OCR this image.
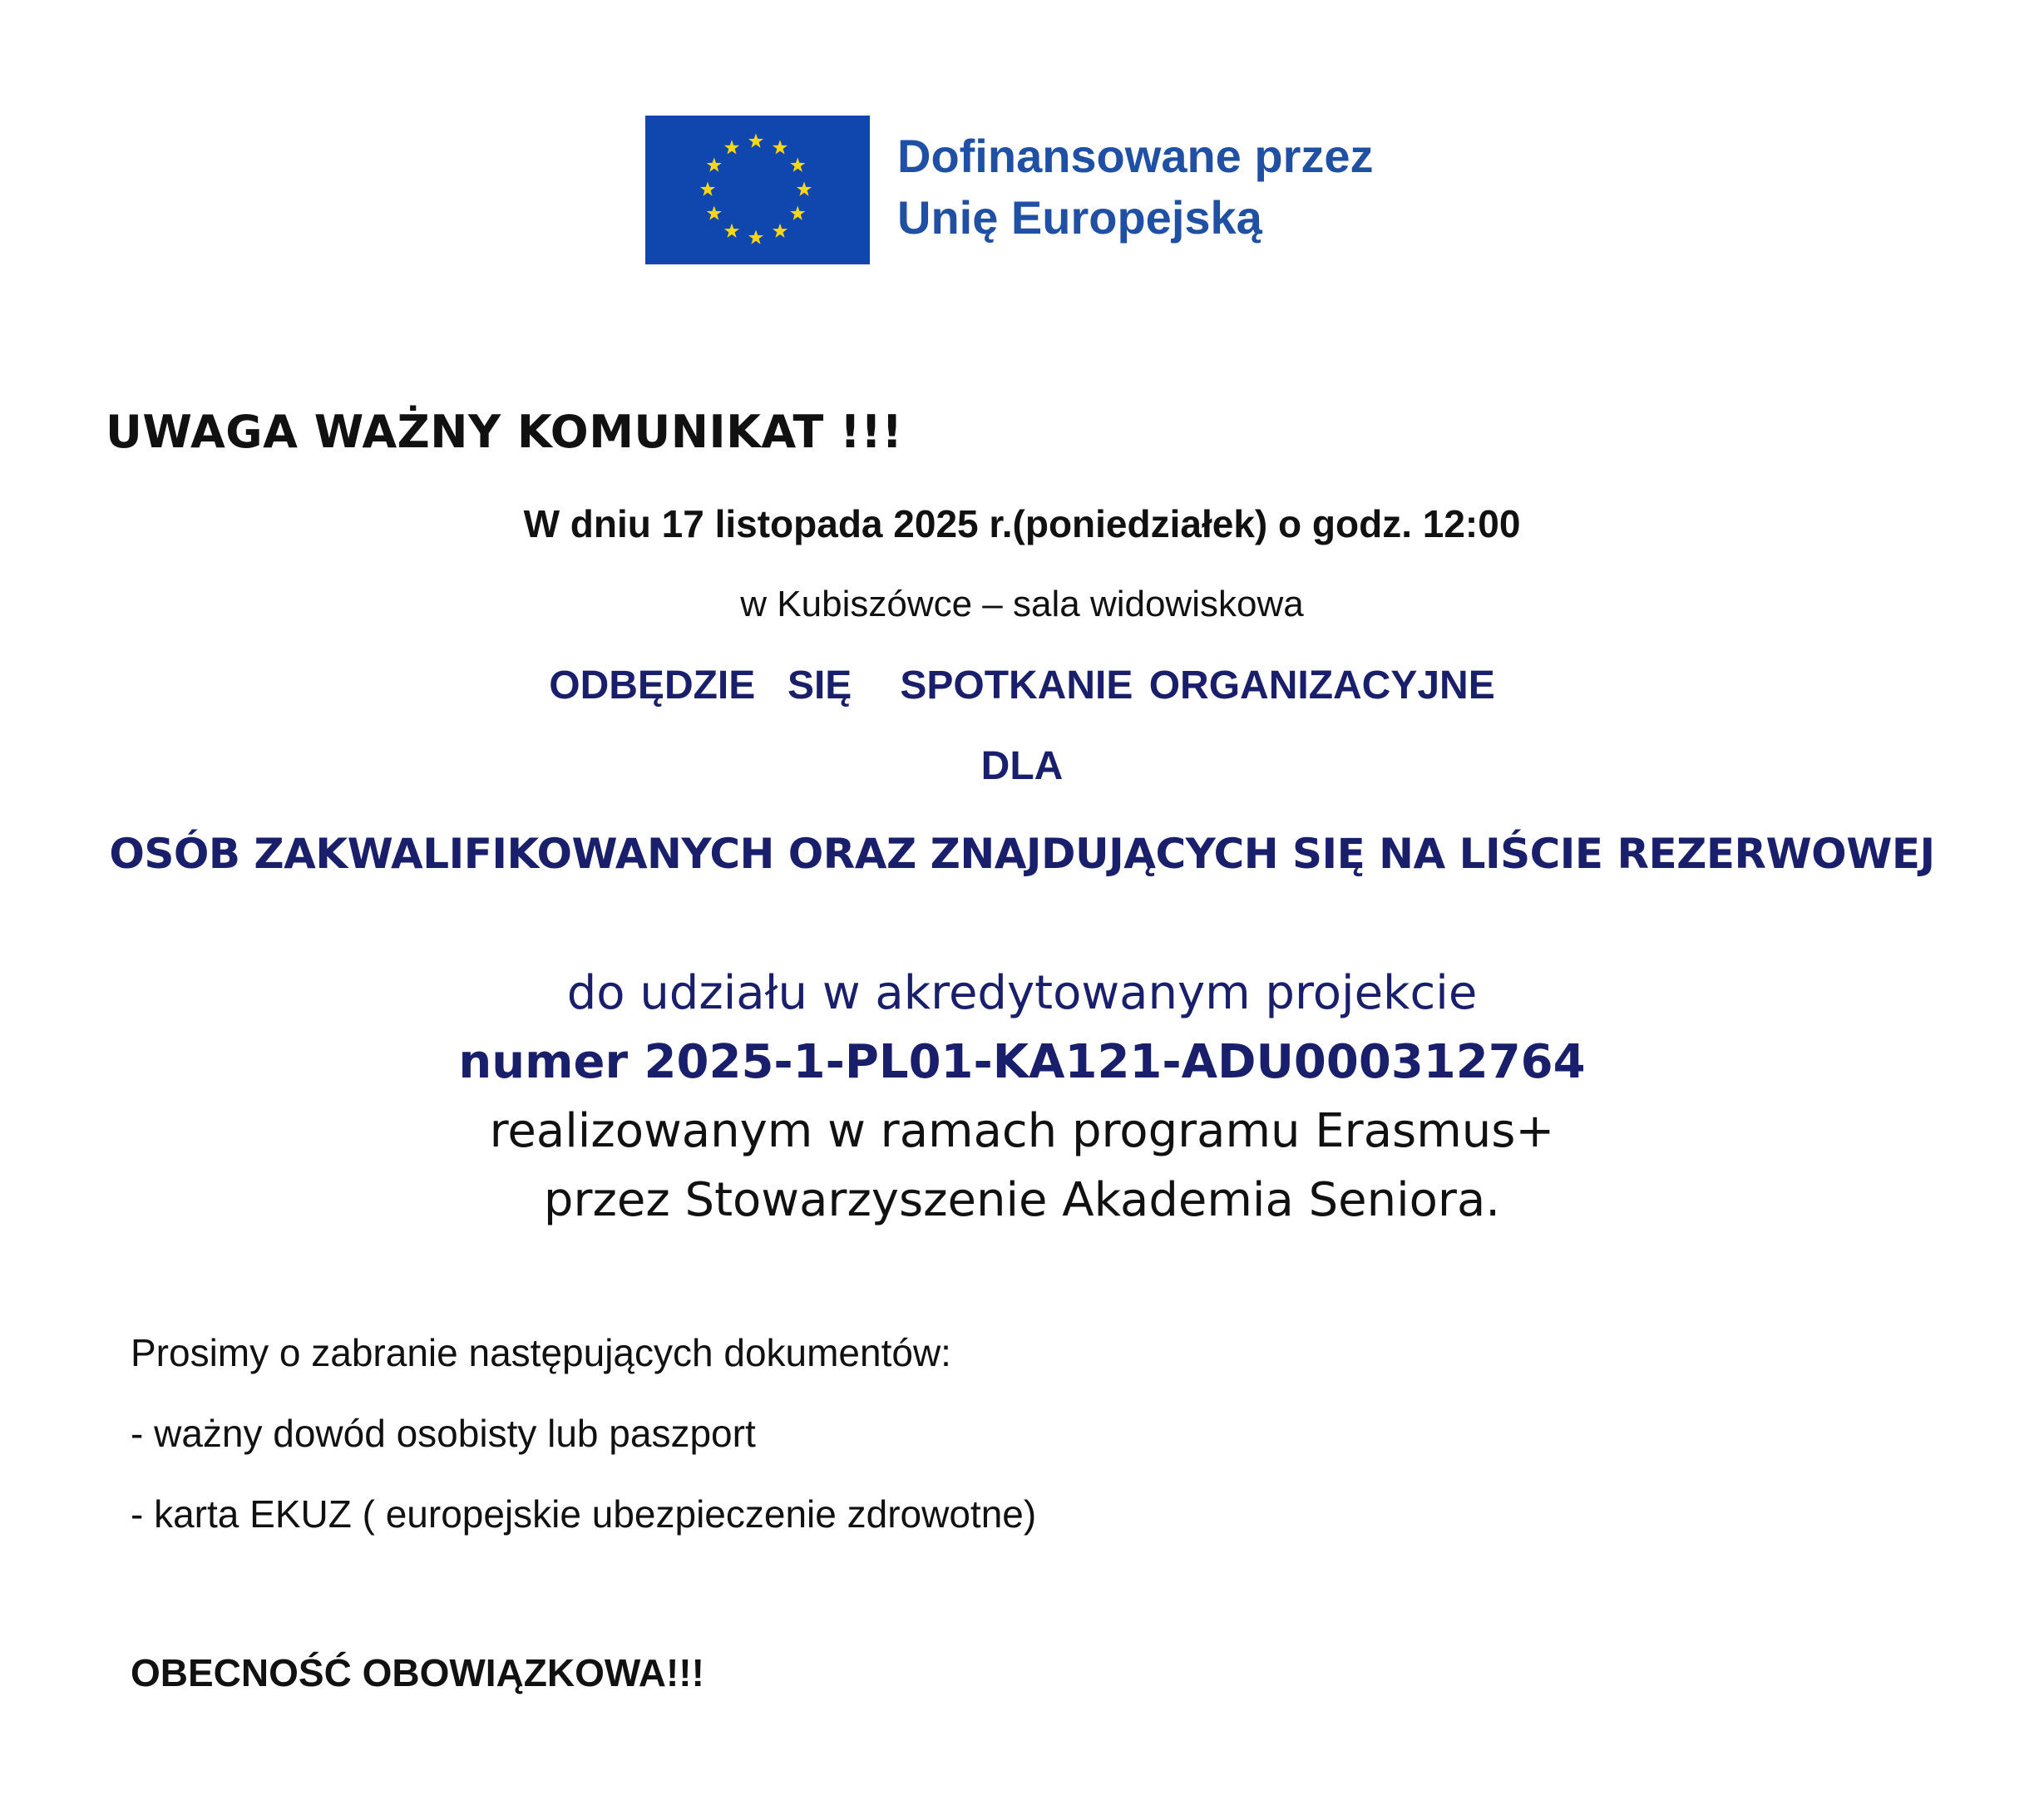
Dofinansowane przez
Unię Europejską
UWAGA WAŻNY KOMUNIKAT !!!
W dniu 17 listopada 2025 r.(poniedziałek) o godz. 12:00
w Kubiszówce – sala widowiskowa
ODBĘDZIE  SIĘ   SPOTKANIE ORGANIZACYJNE
DLA
OSÓB ZAKWALIFIKOWANYCH ORAZ ZNAJDUJĄCYCH SIĘ NA LIŚCIE REZERWOWEJ
do udziału w akredytowanym projekcie
numer 2025-1-PL01-KA121-ADU000312764
realizowanym w ramach programu Erasmus+
przez Stowarzyszenie Akademia Seniora.
Prosimy o zabranie następujących dokumentów:
- ważny dowód osobisty lub paszport
- karta EKUZ ( europejskie ubezpieczenie zdrowotne)
OBECNOŚĆ OBOWIĄZKOWA!!!
